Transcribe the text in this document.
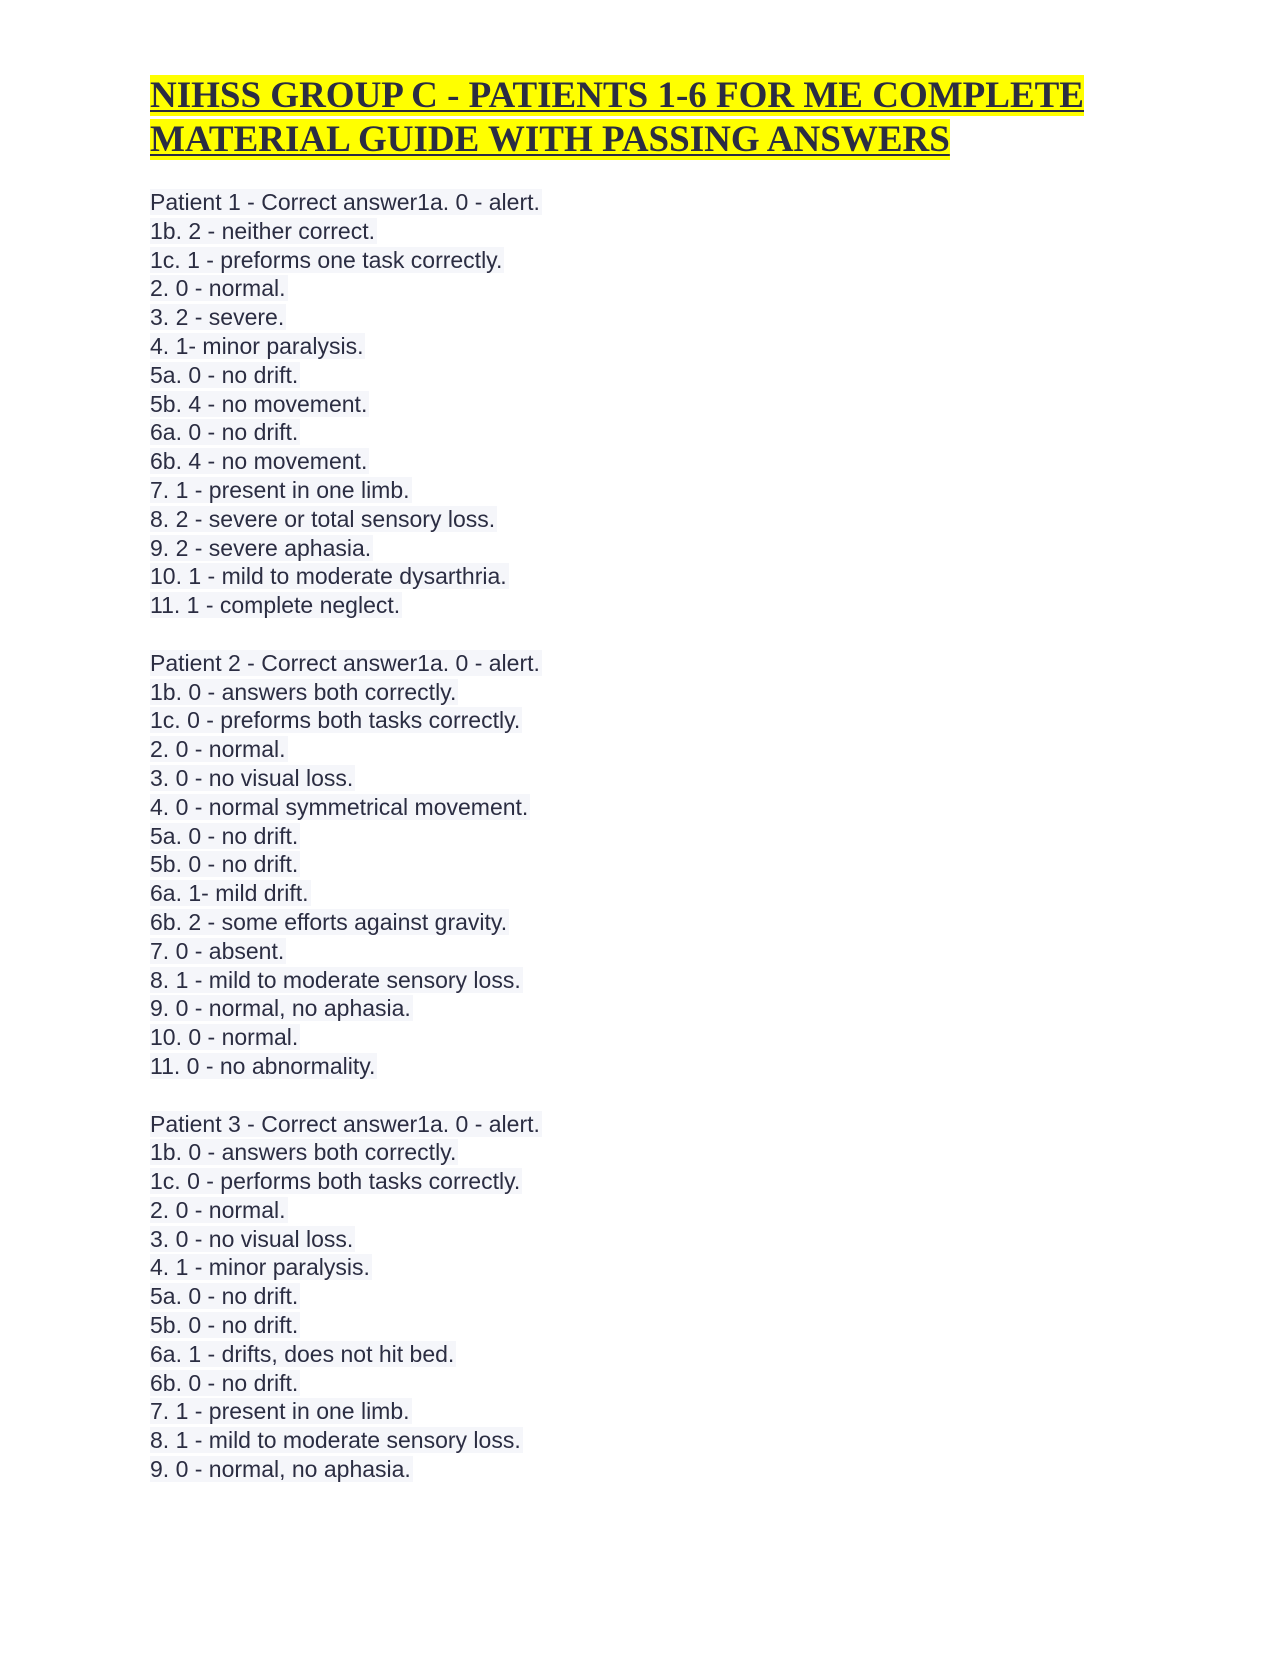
NIHSS GROUP C - PATIENTS 1-6 FOR ME COMPLETE
MATERIAL GUIDE WITH PASSING ANSWERS
Patient 1 - Correct answer1a. 0 - alert.
1b. 2 - neither correct.
1c. 1 - preforms one task correctly.
2. 0 - normal.
3. 2 - severe.
4. 1- minor paralysis.
5a. 0 - no drift.
5b. 4 - no movement.
6a. 0 - no drift.
6b. 4 - no movement.
7. 1 - present in one limb.
8. 2 - severe or total sensory loss.
9. 2 - severe aphasia.
10. 1 - mild to moderate dysarthria.
11. 1 - complete neglect.
Patient 2 - Correct answer1a. 0 - alert.
1b. 0 - answers both correctly.
1c. 0 - preforms both tasks correctly.
2. 0 - normal.
3. 0 - no visual loss.
4. 0 - normal symmetrical movement.
5a. 0 - no drift.
5b. 0 - no drift.
6a. 1- mild drift.
6b. 2 - some efforts against gravity.
7. 0 - absent.
8. 1 - mild to moderate sensory loss.
9. 0 - normal, no aphasia.
10. 0 - normal.
11. 0 - no abnormality.
Patient 3 - Correct answer1a. 0 - alert.
1b. 0 - answers both correctly.
1c. 0 - performs both tasks correctly.
2. 0 - normal.
3. 0 - no visual loss.
4. 1 - minor paralysis.
5a. 0 - no drift.
5b. 0 - no drift.
6a. 1 - drifts, does not hit bed.
6b. 0 - no drift.
7. 1 - present in one limb.
8. 1 - mild to moderate sensory loss.
9. 0 - normal, no aphasia.
